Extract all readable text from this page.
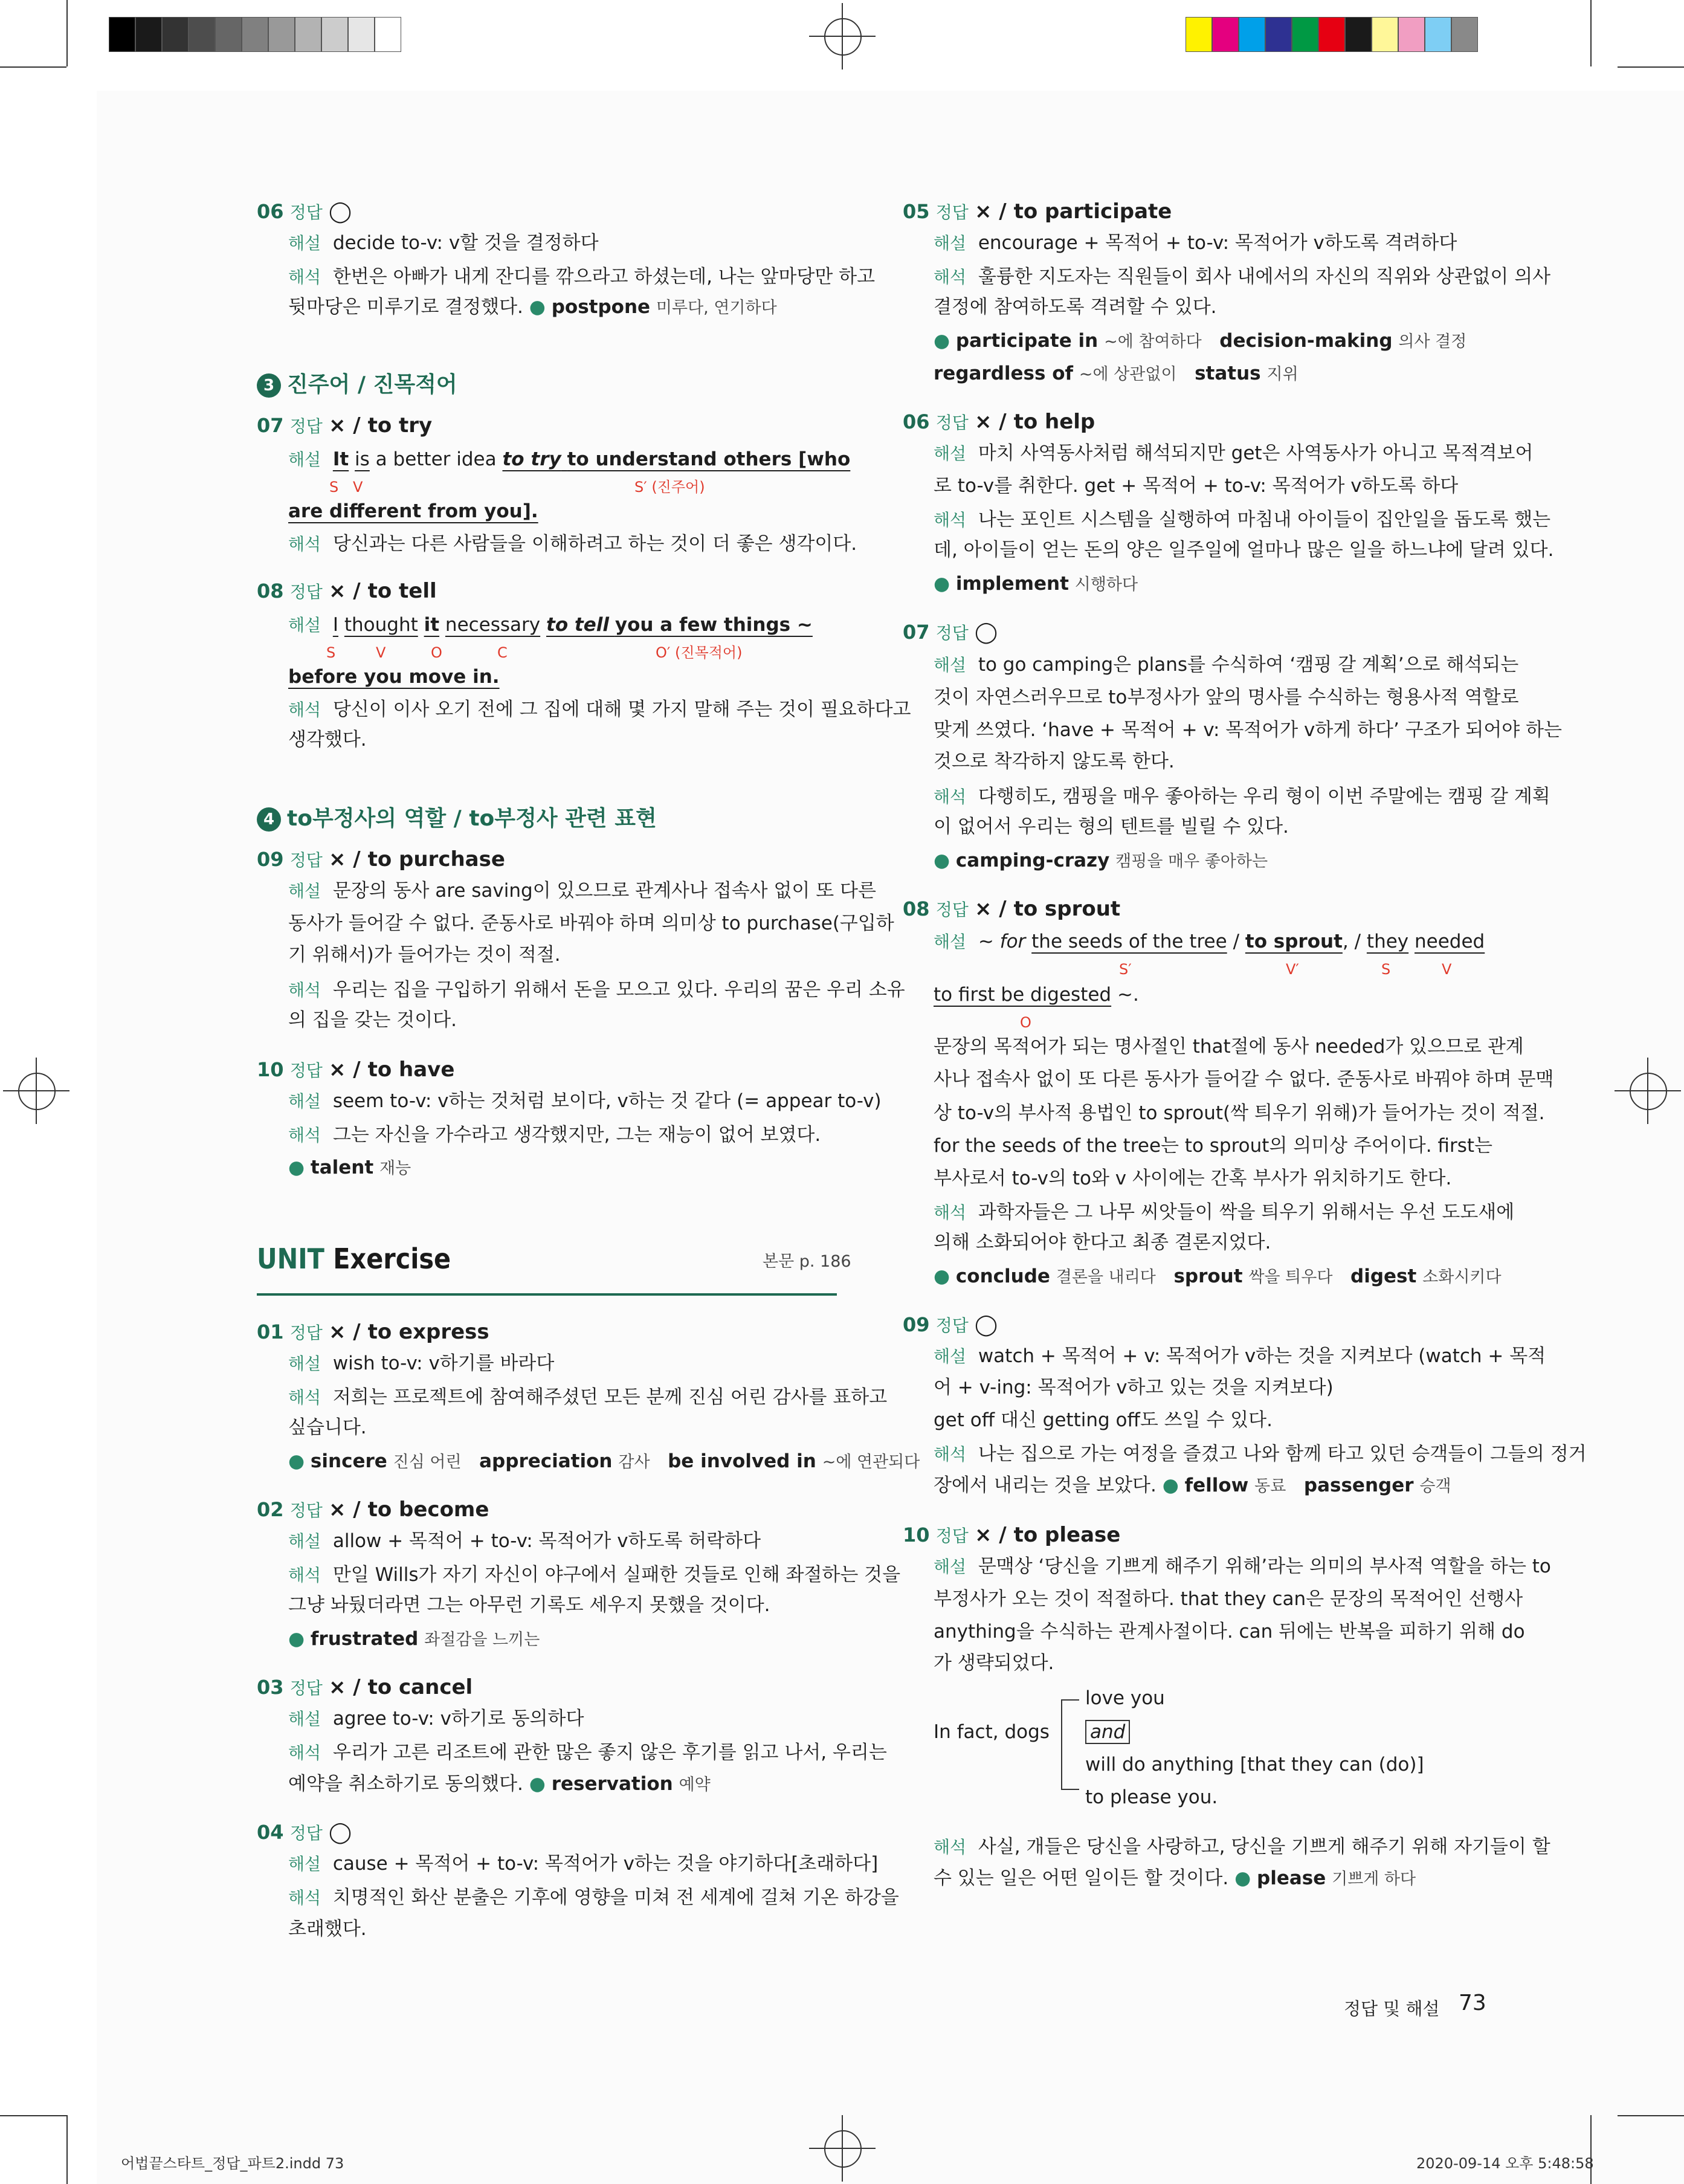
06 정답 ◯
해설 decide to-v: v할 것을 결정하다
해석 한번은 아빠가 내게 잔디를 깎으라고 하셨는데, 나는 앞마당만 하고
뒷마당은 미루기로 결정했다. ● postpone 미루다, 연기하다
3 진주어 / 진목적어
07 정답 × / to try
해설 It is a better idea to try to understand others [who
S V	S′ (진주어)
are different from you].
해석 당신과는 다른 사람들을 이해하려고 하는 것이 더 좋은 생각이다.
08 정답 × / to tell
해설 I thought it necessary to tell you a few things ~
S	V	O	C	O′ (진목적어)
before you move in.
해석 당신이 이사 오기 전에 그 집에 대해 몇 가지 말해 주는 것이 필요하다고
생각했다.
4 to부정사의 역할 / to부정사 관련 표현
09 정답 × / to purchase
해설 문장의 동사 are saving이 있으므로 관계사나 접속사 없이 또 다른
동사가 들어갈 수 없다. 준동사로 바꿔야 하며 의미상 to purchase(구입하
기 위해서)가 들어가는 것이 적절.
해석 우리는 집을 구입하기 위해서 돈을 모으고 있다. 우리의 꿈은 우리 소유
의 집을 갖는 것이다.
10 정답 × / to have
해설 seem to-v: v하는 것처럼 보이다, v하는 것 같다 (= appear to-v)
해석 그는 자신을 가수라고 생각했지만, 그는 재능이 없어 보였다.
● talent 재능
UNIT Exercise	본문 p. 186
01 정답 × / to express
해설 wish to-v: v하기를 바라다
해석 저희는 프로젝트에 참여해주셨던 모든 분께 진심 어린 감사를 표하고
싶습니다.
● sincere 진심 어린 appreciation 감사 be involved in ~에 연관되다
02 정답 × / to become
해설 allow + 목적어 + to-v: 목적어가 v하도록 허락하다
해석 만일 Wills가 자기 자신이 야구에서 실패한 것들로 인해 좌절하는 것을
그냥 놔뒀더라면 그는 아무런 기록도 세우지 못했을 것이다.
● frustrated 좌절감을 느끼는
03 정답 × / to cancel
해설 agree to-v: v하기로 동의하다
해석 우리가 고른 리조트에 관한 많은 좋지 않은 후기를 읽고 나서, 우리는
예약을 취소하기로 동의했다. ● reservation 예약
04 정답 ◯
해설 cause + 목적어 + to-v: 목적어가 v하는 것을 야기하다[초래하다]
해석 치명적인 화산 분출은 기후에 영향을 미쳐 전 세계에 걸쳐 기온 하강을
초래했다.
05 정답 × / to participate
해설 encourage + 목적어 + to-v: 목적어가 v하도록 격려하다
해석 훌륭한 지도자는 직원들이 회사 내에서의 자신의 직위와 상관없이 의사
결정에 참여하도록 격려할 수 있다.
● participate in ~에 참여하다 decision-making 의사 결정
regardless of ~에 상관없이 status 지위
06 정답 × / to help
해설 마치 사역동사처럼 해석되지만 get은 사역동사가 아니고 목적격보어
로 to-v를 취한다. get + 목적어 + to-v: 목적어가 v하도록 하다
해석 나는 포인트 시스템을 실행하여 마침내 아이들이 집안일을 돕도록 했는
데, 아이들이 얻는 돈의 양은 일주일에 얼마나 많은 일을 하느냐에 달려 있다.
● implement 시행하다
07 정답 ◯
해설 to go camping은 plans를 수식하여 ‘캠핑 갈 계획’으로 해석되는
것이 자연스러우므로 to부정사가 앞의 명사를 수식하는 형용사적 역할로
맞게 쓰였다. ‘have + 목적어 + v: 목적어가 v하게 하다’ 구조가 되어야 하는
것으로 착각하지 않도록 한다.
해석 다행히도, 캠핑을 매우 좋아하는 우리 형이 이번 주말에는 캠핑 갈 계획
이 없어서 우리는 형의 텐트를 빌릴 수 있다.
● camping-crazy 캠핑을 매우 좋아하는
08 정답 × / to sprout
해설 ~ for the seeds of the tree / to sprout, / they needed
S′	V′	S	V
to first be digested ~.
O
문장의 목적어가 되는 명사절인 that절에 동사 needed가 있으므로 관계
사나 접속사 없이 또 다른 동사가 들어갈 수 없다. 준동사로 바꿔야 하며 문맥
상 to-v의 부사적 용법인 to sprout(싹 틔우기 위해)가 들어가는 것이 적절.
for the seeds of the tree는 to sprout의 의미상 주어이다. first는
부사로서 to-v의 to와 v 사이에는 간혹 부사가 위치하기도 한다.
해석 과학자들은 그 나무 씨앗들이 싹을 틔우기 위해서는 우선 도도새에
의해 소화되어야 한다고 최종 결론지었다.
● conclude 결론을 내리다 sprout 싹을 틔우다 digest 소화시키다
09 정답 ◯
해설 watch + 목적어 + v: 목적어가 v하는 것을 지켜보다 (watch + 목적
어 + v-ing: 목적어가 v하고 있는 것을 지켜보다)
get off 대신 getting off도 쓰일 수 있다.
해석 나는 집으로 가는 여정을 즐겼고 나와 함께 타고 있던 승객들이 그들의 정거
장에서 내리는 것을 보았다. ● fellow 동료 passenger 승객
10 정답 × / to please
해설 문맥상 ‘당신을 기쁘게 해주기 위해’라는 의미의 부사적 역할을 하는 to
부정사가 오는 것이 적절하다. that they can은 문장의 목적어인 선행사
anything을 수식하는 관계사절이다. can 뒤에는 반복을 피하기 위해 do
가 생략되었다.
In fact, dogs
love you
and
will do anything [that they can (do)]
to please you.
해석 사실, 개들은 당신을 사랑하고, 당신을 기쁘게 해주기 위해 자기들이 할
수 있는 일은 어떤 일이든 할 것이다. ● please 기쁘게 하다
정답 및 해설 73
어법끝스타트_정답_파트2.indd 73	2020-09-14 오후 5:48:58
